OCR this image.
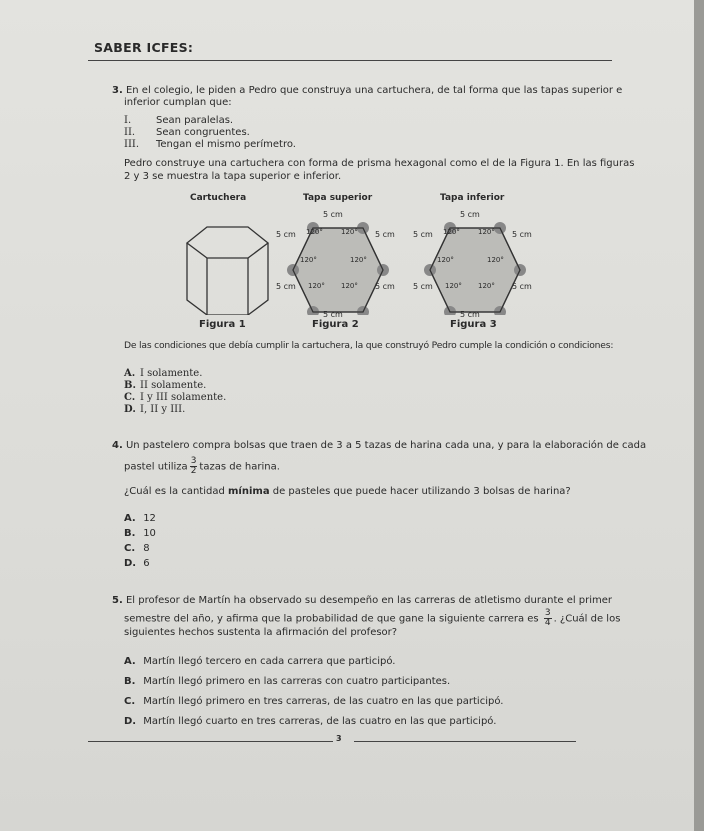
SABER ICFES:
3. En el colegio, le piden a Pedro que construya una cartuchera, de tal forma que las tapas superior e
inferior cumplan que:
I. Sean paralelas.
II. Sean congruentes.
III. Tengan el mismo perímetro.
Pedro construye una cartuchera con forma de prisma hexagonal como el de la Figura 1. En las figuras
2 y 3 se muestra la tapa superior e inferior.
Cartuchera	Tapa superior	Tapa inferior
5 cm
5 cm	5 cm
5 cm	5 cm
5 cm
120°	120°
120°	120°
120° 120°
5 cm
5 cm	5 cm
5 cm	5 cm
5 cm
120°	120°
120°	120°
120° 120°
Figura 1	Figura 2	Figura 3
De las condiciones que debía cumplir la cartuchera, la que construyó Pedro cumple la condición o condiciones:
A. I solamente.
B. II solamente.
C. I y III solamente.
D. I, II y III.
4. Un pastelero compra bolsas que traen de 3 a 5 tazas de harina cada una, y para la elaboración de cada
pastel utiliza $\frac{3}{2}$ tazas de harina.
¿Cuál es la cantidad mínima de pasteles que puede hacer utilizando 3 bolsas de harina?
A. 12
B. 10
C. 8
D. 6
5. El profesor de Martín ha observado su desempeño en las carreras de atletismo durante el primer
semestre del año, y afirma que la probabilidad de que gane la siguiente carrera es $\frac{3}{4}$ . ¿Cuál de los
siguientes hechos sustenta la afirmación del profesor?
A. Martín llegó tercero en cada carrera que participó.
B. Martín llegó primero en las carreras con cuatro participantes.
C. Martín llegó primero en tres carreras, de las cuatro en las que participó.
D. Martín llegó cuarto en tres carreras, de las cuatro en las que participó.
3
